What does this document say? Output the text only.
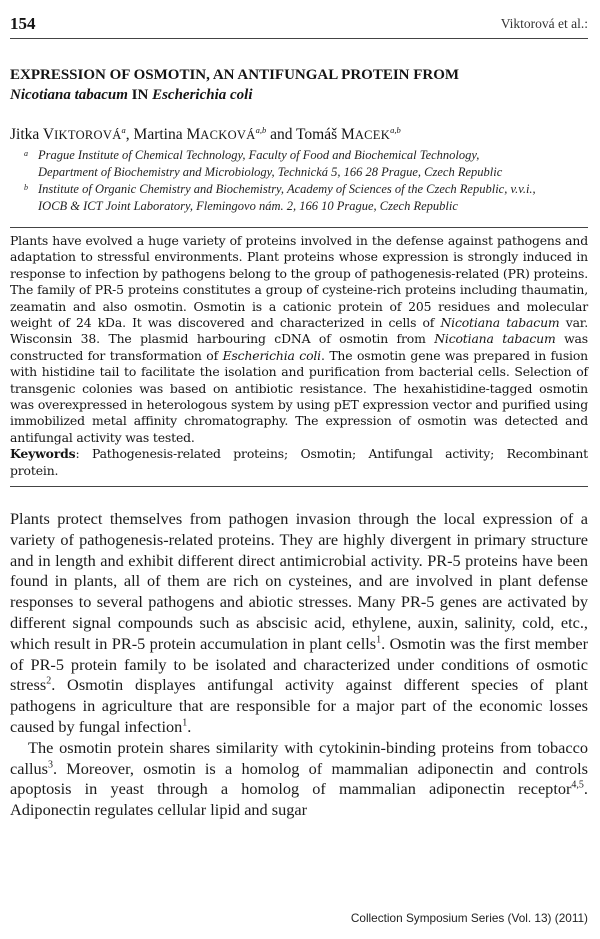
154	Viktorová et al.:
EXPRESSION OF OSMOTIN, AN ANTIFUNGAL PROTEIN FROM
Nicotiana tabacum IN Escherichia coli
Jitka VIKTOROVÁ$^a$, Martina MACKOVÁ$^{a,b}$ and Tomáš MACEK$^{a,b}$
a Prague Institute of Chemical Technology, Faculty of Food and Biochemical Technology,
Department of Biochemistry and Microbiology, Technická 5, 166 28 Prague, Czech Republic
b Institute of Organic Chemistry and Biochemistry, Academy of Sciences of the Czech Republic, v.v.i.,
IOCB & ICT Joint Laboratory, Flemingovo nám. 2, 166 10 Prague, Czech Republic
Plants have evolved a huge variety of proteins involved in the defense against pathogens and adaptation to stressful environments. Plant proteins whose expression is strongly induced in response to infection by pathogens belong to the group of pathogenesis-related (PR) proteins. The family of PR-5 proteins constitutes a group of cysteine-rich proteins including thaumatin, zeamatin and also osmotin. Osmotin is a cationic protein of 205 residues and molecular weight of 24 kDa. It was discovered and characterized in cells of Nicotiana tabacum var. Wisconsin 38. The plasmid harbouring cDNA of osmotin from Nicotiana tabacum was constructed for transformation of Escherichia coli. The osmotin gene was prepared in fusion with histidine tail to facilitate the isolation and purification from bacterial cells. Selection of transgenic colonies was based on antibiotic resistance. The hexahistidine-tagged osmotin was overexpressed in heterologous system by using pET expression vector and purified using immobilized metal affinity chromatography. The expression of osmotin was detected and antifungal activity was tested.
Keywords: Pathogenesis-related proteins; Osmotin; Antifungal activity; Recombinant protein.

Plants protect themselves from pathogen invasion through the local expression of a variety of pathogenesis-related proteins. They are highly divergent in primary structure and in length and exhibit different direct antimicrobial activity. PR-5 proteins have been found in plants, all of them are rich on cysteines, and are involved in plant defense responses to several pathogens and abiotic stresses. Many PR-5 genes are activated by different signal compounds such as abscisic acid, ethylene, auxin, salinity, cold, etc., which result in PR-5 protein accumulation in plant cells$^1$. Osmotin was the first member of PR-5 protein family to be isolated and characterized under conditions of osmotic stress$^2$. Osmotin displayes antifungal activity against different species of plant pathogens in agriculture that are responsible for a major part of the economic losses caused by fungal infection$^1$.

The osmotin protein shares similarity with cytokinin-binding proteins from tobacco callus$^3$. Moreover, osmotin is a homolog of mammalian adiponectin and controls apoptosis in yeast through a homolog of mammalian adiponectin receptor$^{4,5}$. Adiponectin regulates cellular lipid and sugar

Collection Symposium Series (Vol. 13) (2011)
